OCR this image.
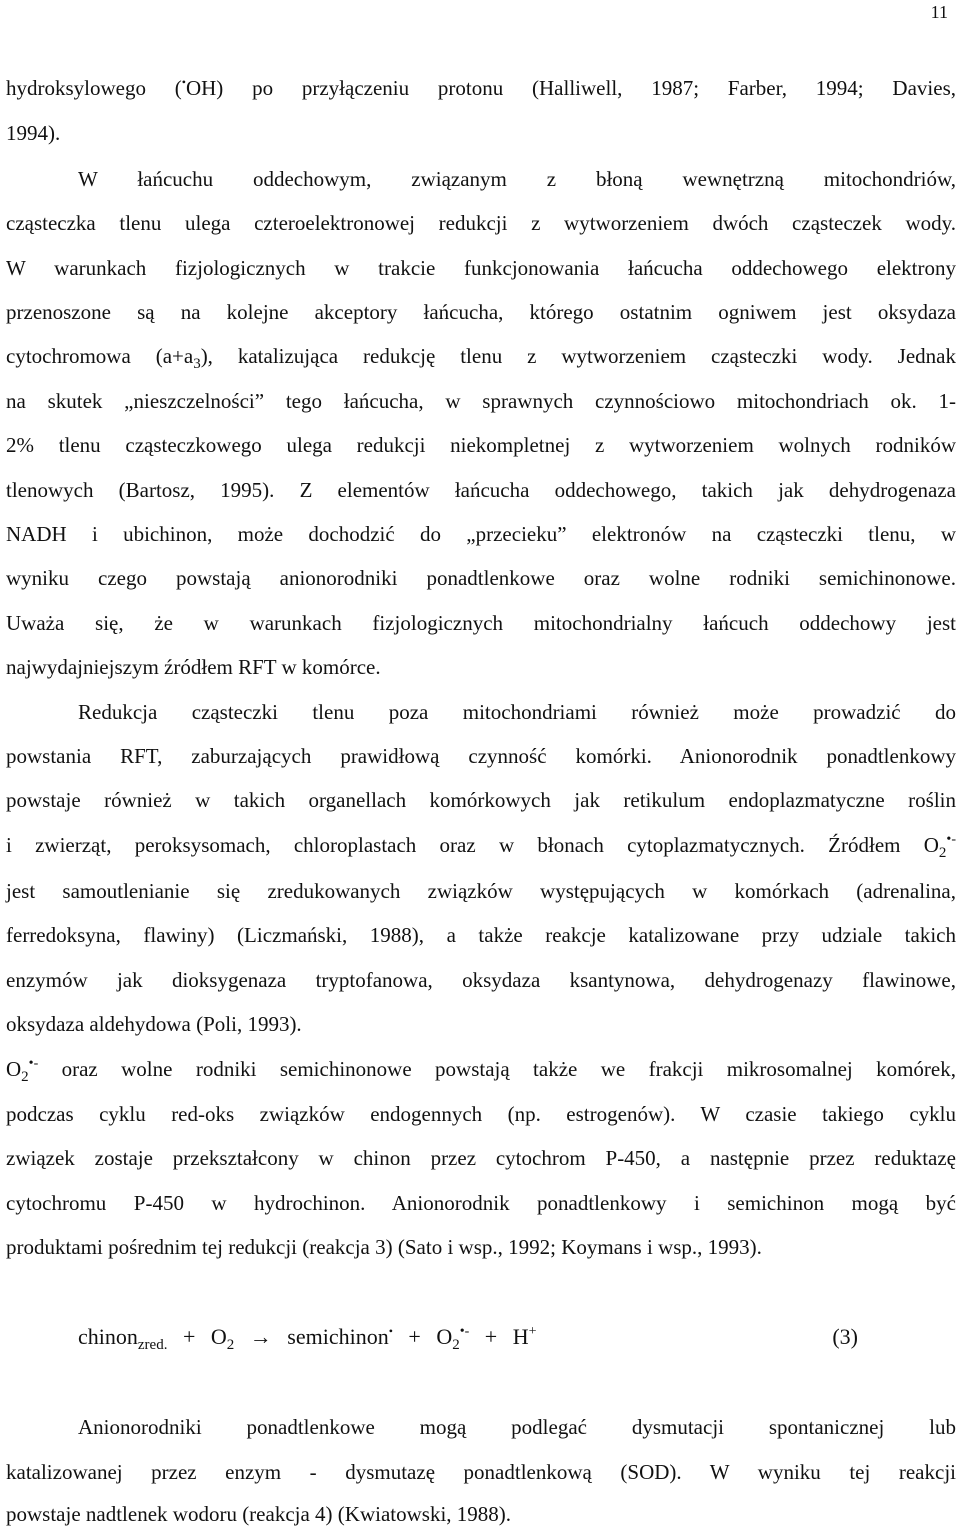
11
hydroksylowego (•OH) po przyłączeniu protonu (Halliwell, 1987; Farber, 1994; Davies,
1994).
W łańcuchu oddechowym, związanym z błoną wewnętrzną mitochondriów,
cząsteczka tlenu ulega czteroelektronowej redukcji z wytworzeniem dwóch cząsteczek wody.
W warunkach fizjologicznych w trakcie funkcjonowania łańcucha oddechowego elektrony
przenoszone są na kolejne akceptory łańcucha, którego ostatnim ogniwem jest oksydaza
cytochromowa $(a+a_3)$, katalizująca redukcję tlenu z wytworzeniem cząsteczki wody. Jednak
na skutek „nieszczelności” tego łańcucha, w sprawnych czynnościowo mitochondriach ok. 1-
2% tlenu cząsteczkowego ulega redukcji niekompletnej z wytworzeniem wolnych rodników
tlenowych (Bartosz, 1995). Z elementów łańcucha oddechowego, takich jak dehydrogenaza
NADH i ubichinon, może dochodzić do „przecieku” elektronów na cząsteczki tlenu, w
wyniku czego powstają anionorodniki ponadtlenkowe oraz wolne rodniki semichinonowe.
Uważa się, że w warunkach fizjologicznych mitochondrialny łańcuch oddechowy jest
najwydajniejszym źródłem RFT w komórce.
Redukcja cząsteczki tlenu poza mitochondriami również może prowadzić do
powstania RFT, zaburzających prawidłową czynność komórki. Anionorodnik ponadtlenkowy
powstaje również w takich organellach komórkowych jak retikulum endoplazmatyczne roślin
i zwierząt, peroksysomach, chloroplastach oraz w błonach cytoplazmatycznych. Źródłem $O_2^{•-}$
jest samoutlenianie się zredukowanych związków występujących w komórkach (adrenalina,
ferredoksyna, flawiny) (Liczmański, 1988), a także reakcje katalizowane przy udziale takich
enzymów jak dioksygenaza tryptofanowa, oksydaza ksantynowa, dehydrogenazy flawinowe,
oksydaza aldehydowa (Poli, 1993).
$O_2^{•-}$ oraz wolne rodniki semichinonowe powstają także we frakcji mikrosomalnej komórek,
podczas cyklu red-oks związków endogennych (np. estrogenów). W czasie takiego cyklu
związek zostaje przekształcony w chinon przez cytochrom P-450, a następnie przez reduktazę
cytochromu P-450 w hydrochinon. Anionorodnik ponadtlenkowy i semichinon mogą być
produktami pośrednim tej redukcji (reakcja 3) (Sato i wsp., 1992; Koymans i wsp., 1993).
chinon$_{zred.}$ + $O_2$ → semichinon• + $O_2^{•-} + H^+$	(3)
Anionorodniki ponadtlenkowe mogą podlegać dysmutacji spontanicznej lub
katalizowanej przez enzym - dysmutazę ponadtlenkową (SOD). W wyniku tej reakcji
powstaje nadtlenek wodoru (reakcja 4) (Kwiatowski, 1988).
